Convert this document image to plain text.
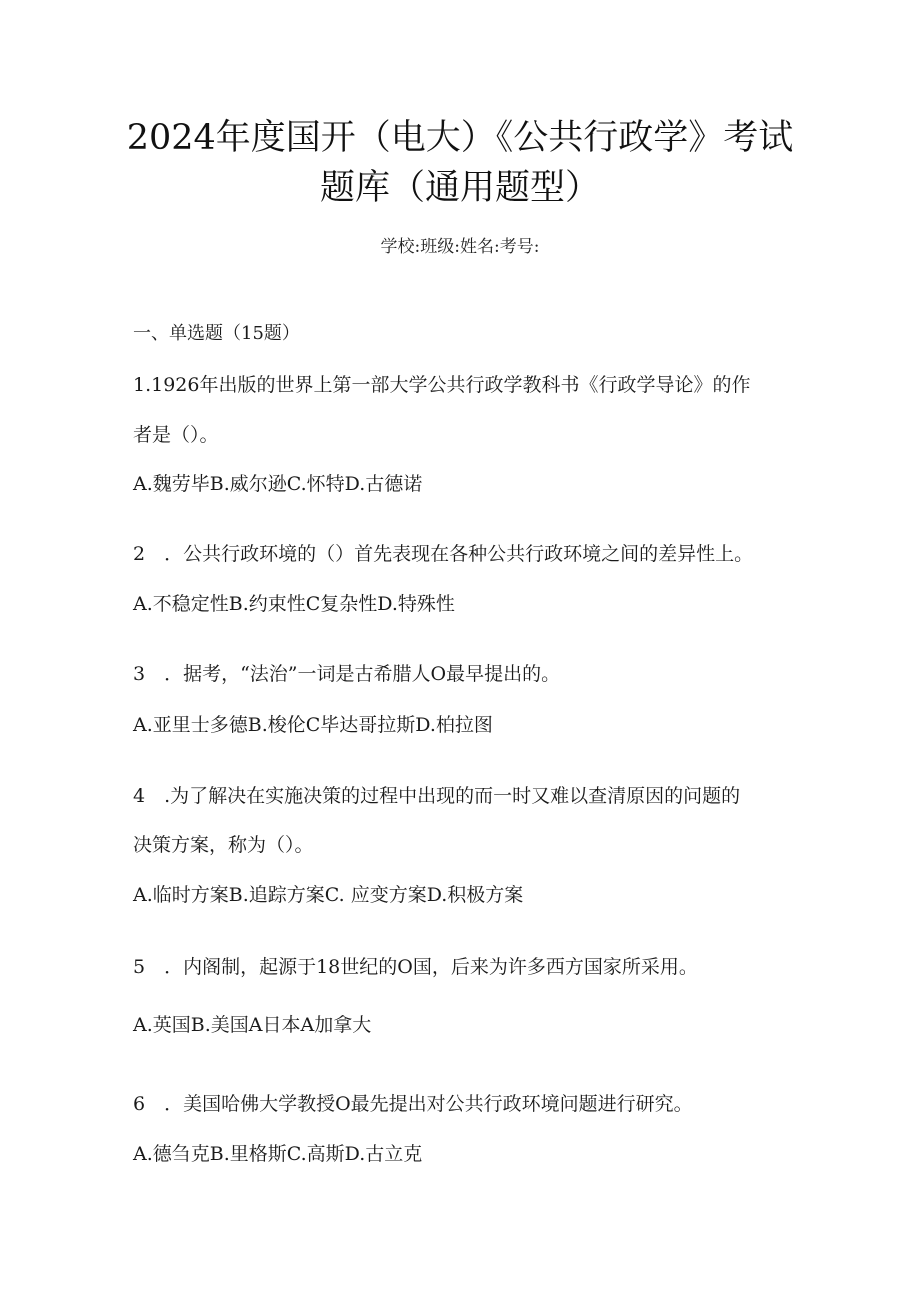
2024年度国开（电大）《公共行政学》考试
题库（通用题型）
学校:班级:姓名:考号:
一、单选题（15题）
1.1926年出版的世界上第一部大学公共行政学教科书《行政学导论》的作
者是（）。
A.魏劳毕B.威尔逊C.怀特D.古德诺
2　．公共行政环境的（）首先表现在各种公共行政环境之间的差异性上。
A.不稳定性B.约束性C复杂性D.特殊性
3　．据考，“法治”一词是古希腊人O最早提出的。
A.亚里士多德B.梭伦C毕达哥拉斯D.柏拉图
4　.为了解决在实施决策的过程中出现的而一时又难以查清原因的问题的
决策方案，称为（）。
A.临时方案B.追踪方案C. 应变方案D.积极方案
5　．内阁制，起源于18世纪的O国，后来为许多西方国家所采用。
A.英国B.美国A日本A加拿大
6　．美国哈佛大学教授O最先提出对公共行政环境问题进行研究。
A.德刍克B.里格斯C.高斯D.古立克
